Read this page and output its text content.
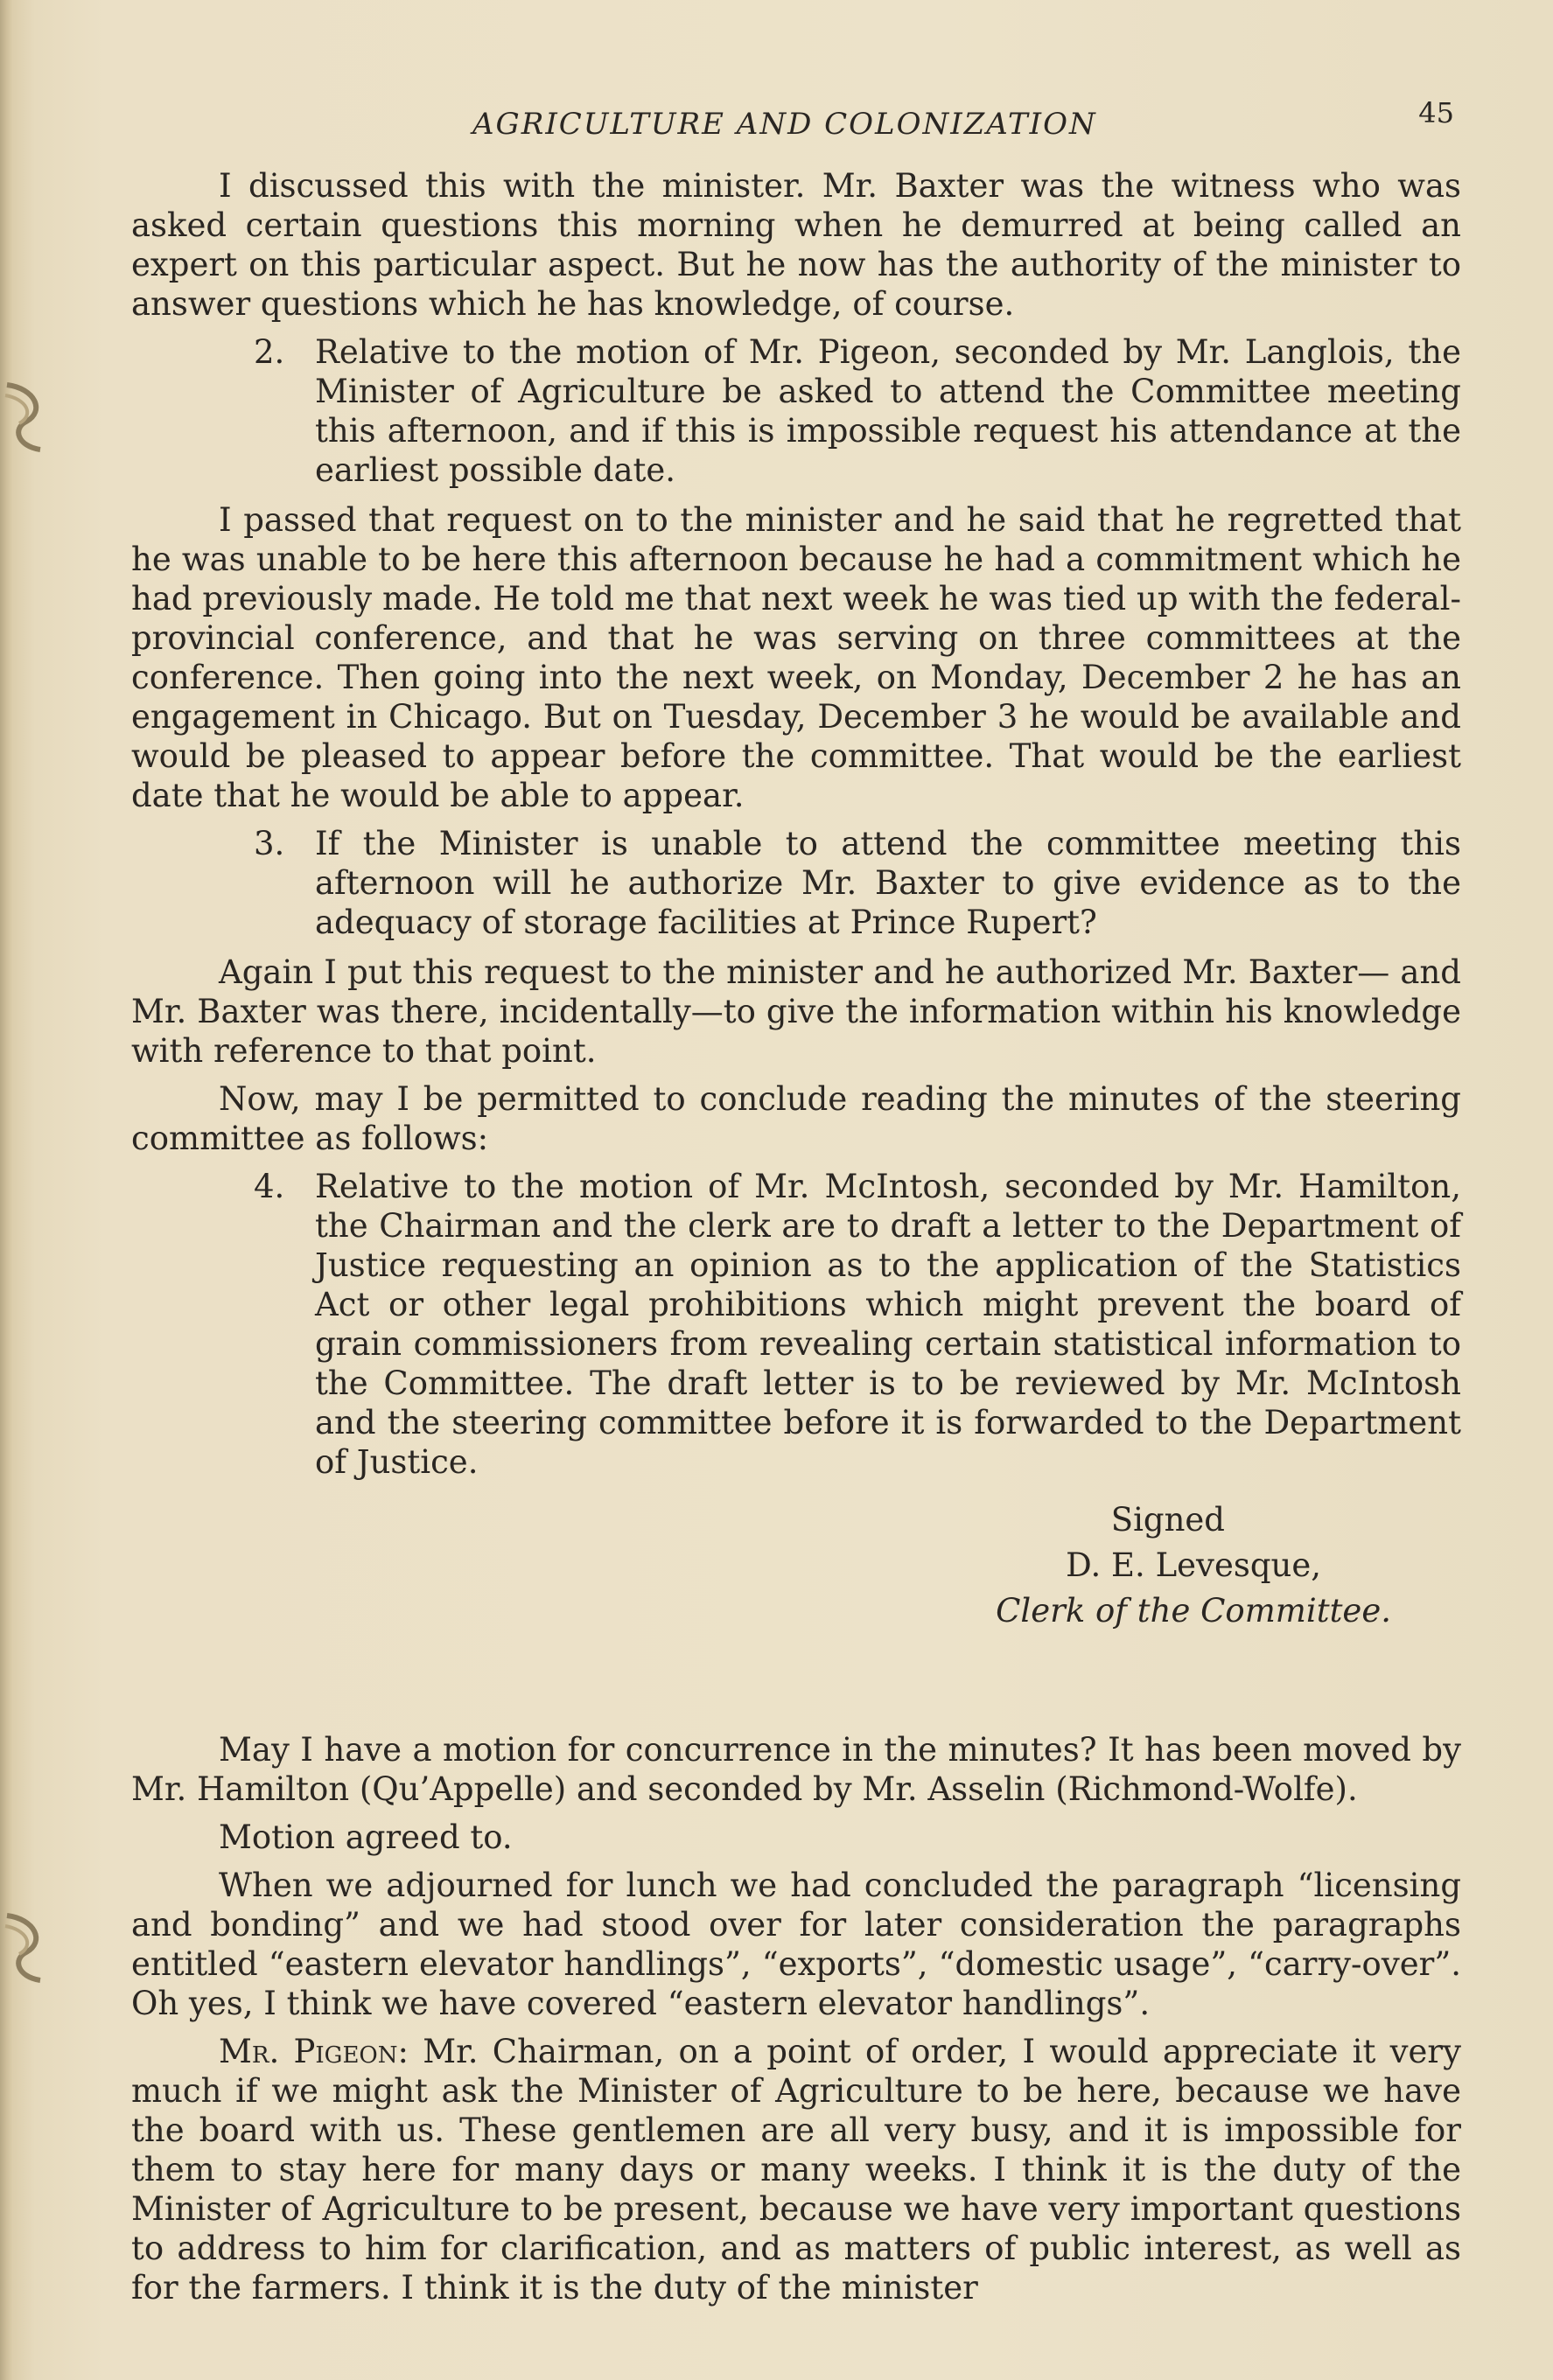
AGRICULTURE AND COLONIZATION	45

I discussed this with the minister. Mr. Baxter was the witness who was asked certain questions this morning when he demurred at being called an expert on this particular aspect. But he now has the authority of the minister to answer questions which he has knowledge, of course.

2. Relative to the motion of Mr. Pigeon, seconded by Mr. Langlois, the Minister of Agriculture be asked to attend the Committee meeting this afternoon, and if this is impossible request his attendance at the earliest possible date.

I passed that request on to the minister and he said that he regretted that he was unable to be here this afternoon because he had a commitment which he had previously made. He told me that next week he was tied up with the federal-provincial conference, and that he was serving on three committees at the conference. Then going into the next week, on Monday, December 2 he has an engagement in Chicago. But on Tuesday, December 3 he would be available and would be pleased to appear before the committee. That would be the earliest date that he would be able to appear.

3. If the Minister is unable to attend the committee meeting this afternoon will he authorize Mr. Baxter to give evidence as to the adequacy of storage facilities at Prince Rupert?

Again I put this request to the minister and he authorized Mr. Baxter— and Mr. Baxter was there, incidentally—to give the information within his knowledge with reference to that point.

Now, may I be permitted to conclude reading the minutes of the steering committee as follows:

4. Relative to the motion of Mr. McIntosh, seconded by Mr. Hamilton, the Chairman and the clerk are to draft a letter to the Department of Justice requesting an opinion as to the application of the Statistics Act or other legal prohibitions which might prevent the board of grain commissioners from revealing certain statistical information to the Committee. The draft letter is to be reviewed by Mr. McIntosh and the steering committee before it is forwarded to the Department of Justice.
Signed
D. E. Levesque,
Clerk of the Committee.

May I have a motion for concurrence in the minutes? It has been moved by Mr. Hamilton (Qu’Appelle) and seconded by Mr. Asselin (Richmond-Wolfe).

Motion agreed to.

When we adjourned for lunch we had concluded the paragraph “licensing and bonding” and we had stood over for later consideration the paragraphs entitled “eastern elevator handlings”, “exports”, “domestic usage”, “carry-over”. Oh yes, I think we have covered “eastern elevator handlings”.

Mr. Pigeon: Mr. Chairman, on a point of order, I would appreciate it very much if we might ask the Minister of Agriculture to be here, because we have the board with us. These gentlemen are all very busy, and it is impossible for them to stay here for many days or many weeks. I think it is the duty of the Minister of Agriculture to be present, because we have very important questions to address to him for clarification, and as matters of public interest, as well as for the farmers. I think it is the duty of the minister
